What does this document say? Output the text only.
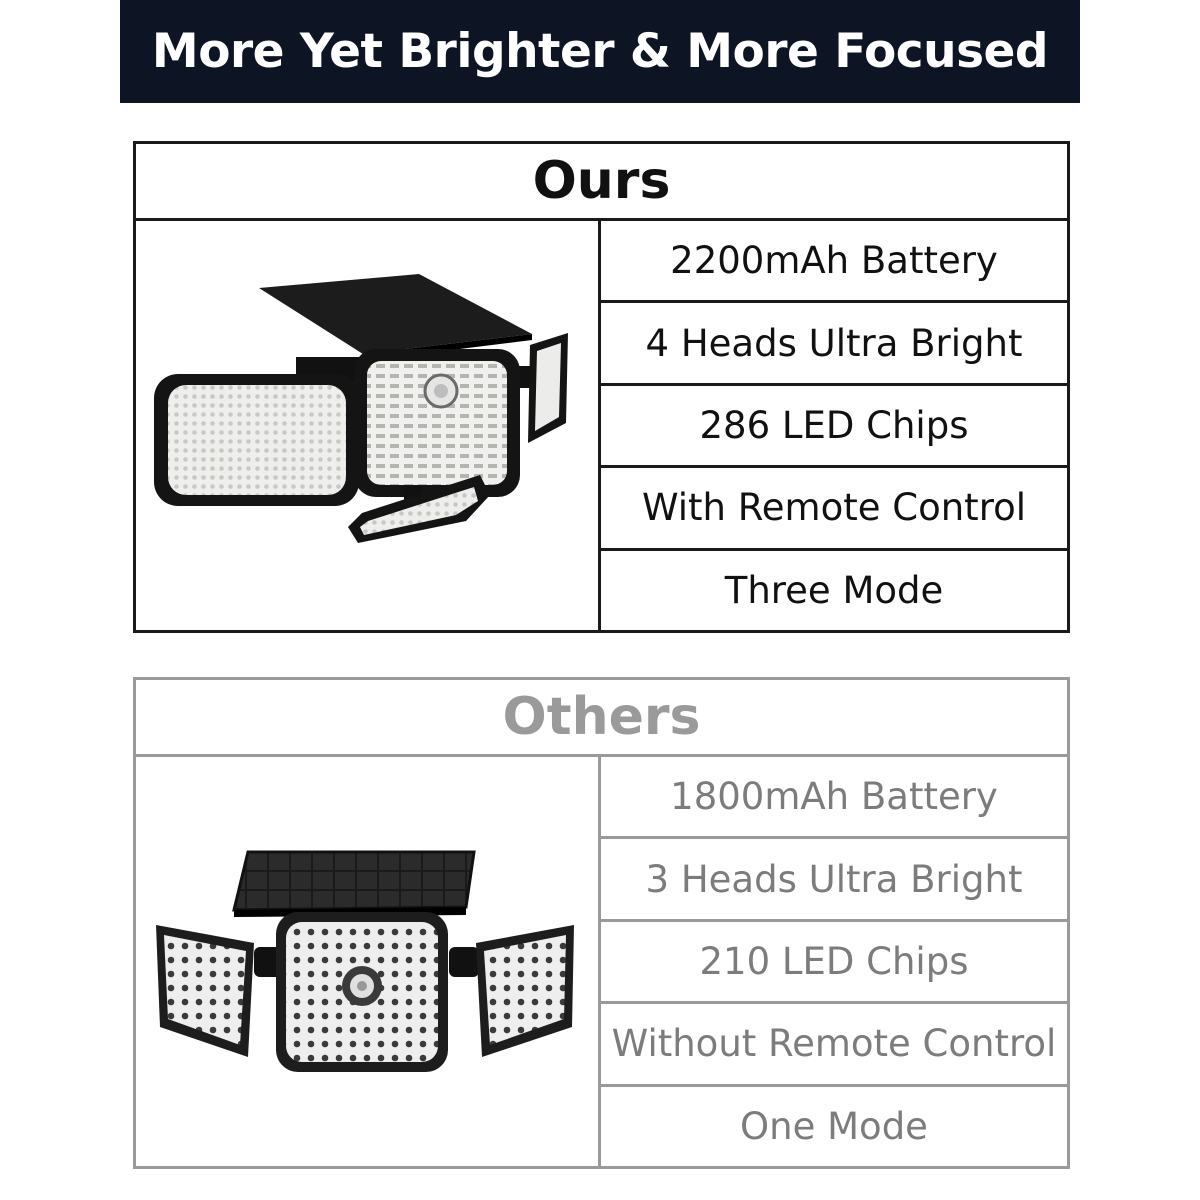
More Yet Brighter & More Focused
Ours
2200mAh Battery
4 Heads Ultra Bright
286 LED Chips
With Remote Control
Three Mode
Others
1800mAh Battery
3 Heads Ultra Bright
210 LED Chips
Without Remote Control
One Mode
